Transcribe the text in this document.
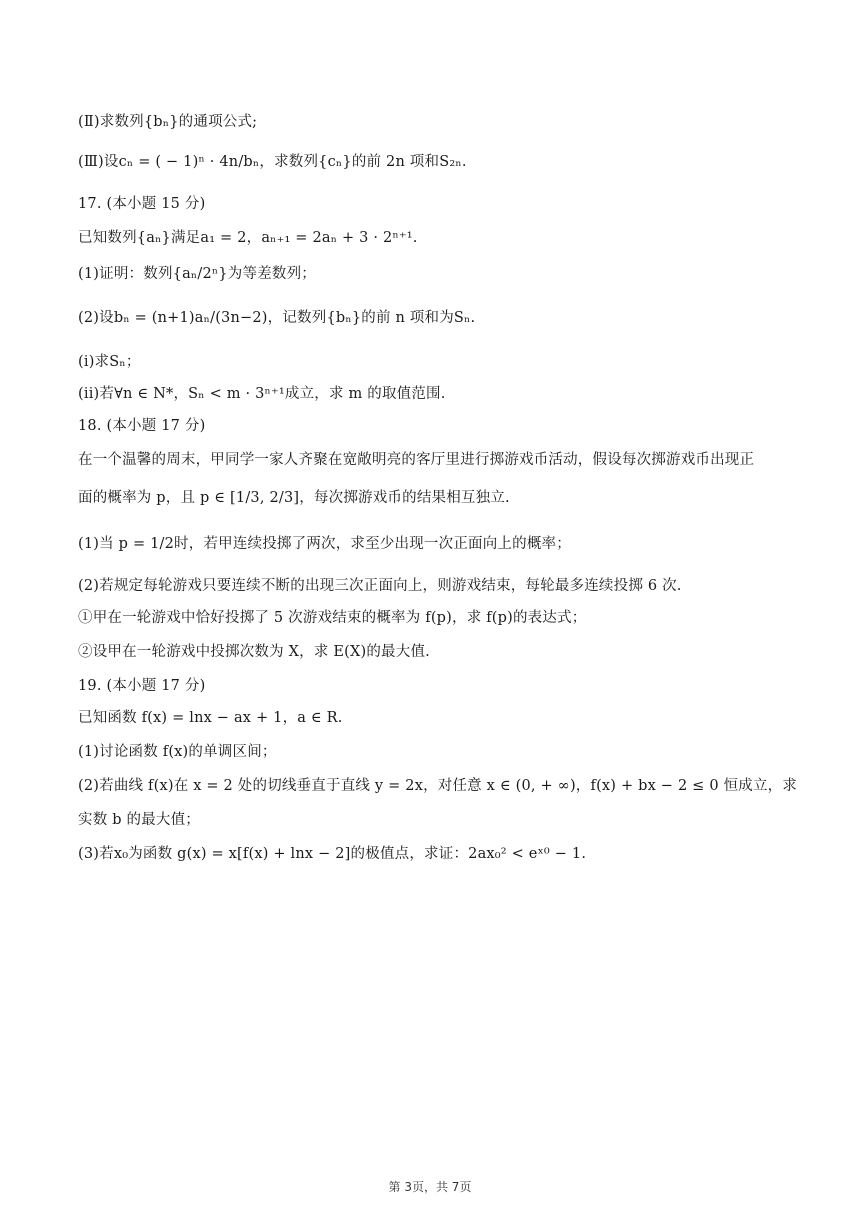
(Ⅱ)求数列{bₙ}的通项公式;
(Ⅲ)设cₙ = ( − 1)ⁿ · 4n/bₙ，求数列{cₙ}的前 2n 项和S₂ₙ.
17. (本小题 15 分)
已知数列{aₙ}满足a₁ = 2，aₙ₊₁ = 2aₙ + 3 · 2ⁿ⁺¹.
(1)证明：数列{aₙ/2ⁿ}为等差数列；
(2)设bₙ = (n+1)aₙ/(3n−2)，记数列{bₙ}的前 n 项和为Sₙ.
(i)求Sₙ；
(ii)若∀n ∈ N*，Sₙ < m · 3ⁿ⁺¹成立，求 m 的取值范围.
18. (本小题 17 分)
在一个温馨的周末，甲同学一家人齐聚在宽敞明亮的客厅里进行掷游戏币活动，假设每次掷游戏币出现正
面的概率为 p，且 p ∈ [1/3, 2/3]，每次掷游戏币的结果相互独立.
(1)当 p = 1/2时，若甲连续投掷了两次，求至少出现一次正面向上的概率；
(2)若规定每轮游戏只要连续不断的出现三次正面向上，则游戏结束，每轮最多连续投掷 6 次.
①甲在一轮游戏中恰好投掷了 5 次游戏结束的概率为 f(p)，求 f(p)的表达式；
②设甲在一轮游戏中投掷次数为 X，求 E(X)的最大值.
19. (本小题 17 分)
已知函数 f(x) = lnx − ax + 1，a ∈ R.
(1)讨论函数 f(x)的单调区间；
(2)若曲线 f(x)在 x = 2 处的切线垂直于直线 y = 2x，对任意 x ∈ (0, + ∞)，f(x) + bx − 2 ≤ 0 恒成立，求
实数 b 的最大值；
(3)若x₀为函数 g(x) = x[f(x) + lnx − 2]的极值点，求证：2ax₀² < eˣ⁰ − 1.
第 3页，共 7页
